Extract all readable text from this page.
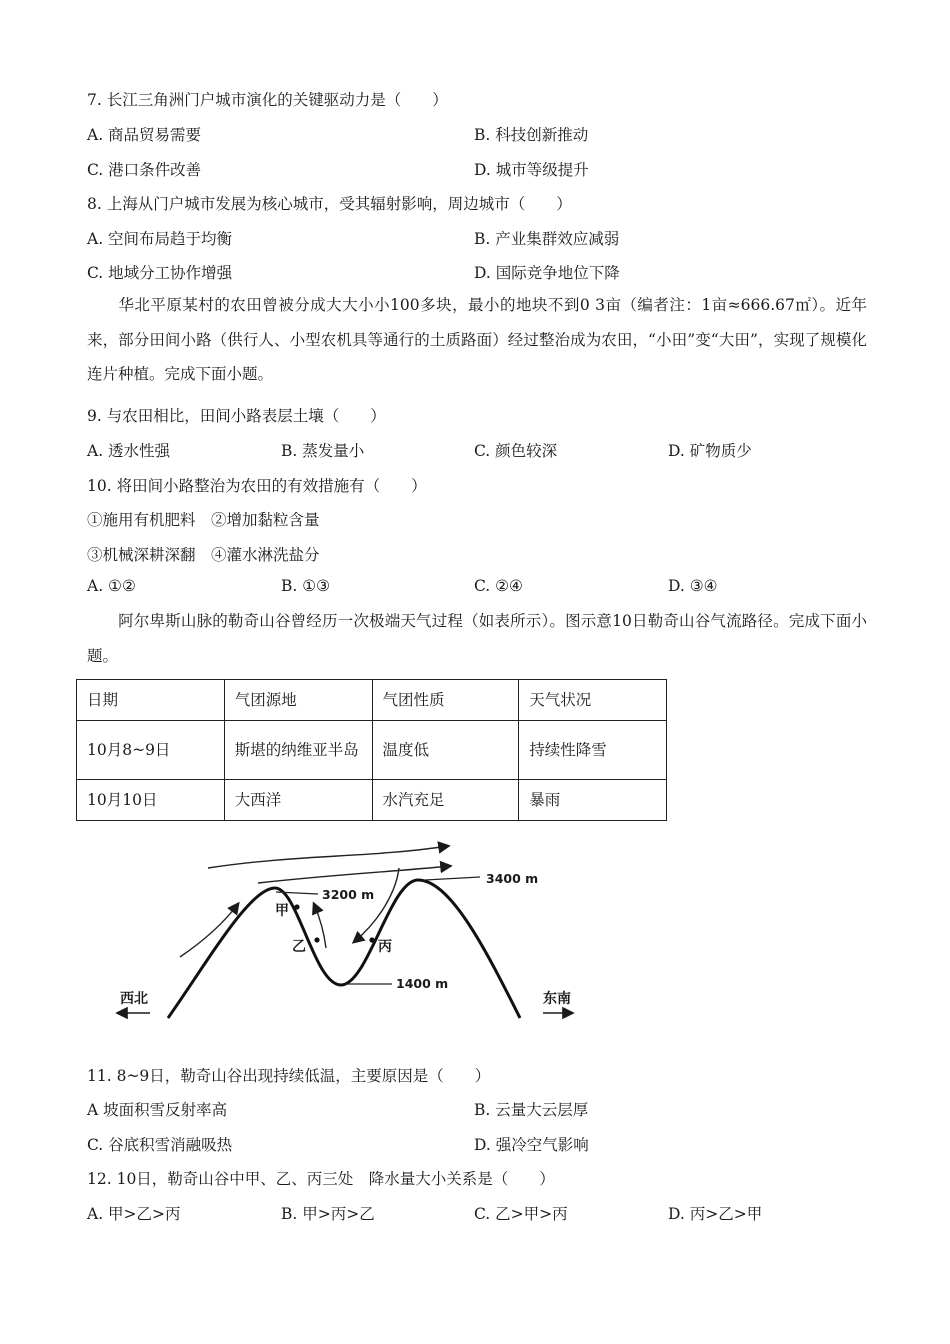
7. 长江三角洲门户城市演化的关键驱动力是（　　）
A. 商品贸易需要	B. 科技创新推动
C. 港口条件改善	D. 城市等级提升
8. 上海从门户城市发展为核心城市，受其辐射影响，周边城市（　　）
A. 空间布局趋于均衡	B. 产业集群效应减弱
C. 地域分工协作增强	D. 国际竞争地位下降
华北平原某村的农田曾被分成大大小小100多块，最小的地块不到0 3亩（编者注：1亩≈666.67㎡）。近年来，部分田间小路（供行人、小型农机具等通行的土质路面）经过整治成为农田，“小田”变“大田”，实现了规模化连片种植。完成下面小题。
9. 与农田相比，田间小路表层土壤（　　）
A. 透水性强	B. 蒸发量小	C. 颜色较深	D. 矿物质少
10. 将田间小路整治为农田的有效措施有（　　）
①施用有机肥料　②增加黏粒含量
③机械深耕深翻　④灌水淋洗盐分
A. ①②	B. ①③	C. ②④	D. ③④
阿尔卑斯山脉的勒奇山谷曾经历一次极端天气过程（如表所示）。图示意10日勒奇山谷气流路径。完成下面小题。
日期	气团源地	气团性质	天气状况
10月8~9日	斯堪的纳维亚半岛	温度低	持续性降雪
10月10日	大西洋	水汽充足	暴雨
3400 m
3200 m
1400 m
甲
乙	丙
西北	东南
11. 8~9日，勒奇山谷出现持续低温，主要原因是（　　）
A 坡面积雪反射率高	B. 云量大云层厚
C. 谷底积雪消融吸热	D. 强冷空气影响
12. 10日，勒奇山谷中甲、乙、丙三处　降水量大小关系是（　　）
A. 甲>乙>丙	B. 甲>丙>乙	C. 乙>甲>丙	D. 丙>乙>甲
